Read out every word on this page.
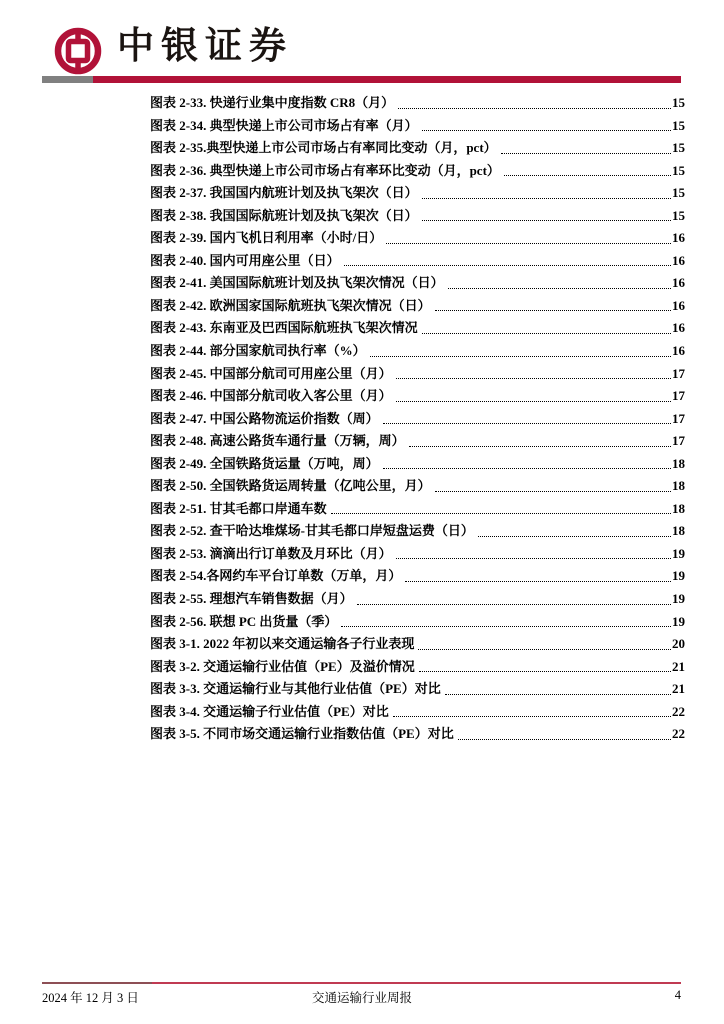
中银证券
图表 2-33. 快递行业集中度指数 CR8（月）	15
图表 2-34. 典型快递上市公司市场占有率（月）	15
图表 2-35.典型快递上市公司市场占有率同比变动（月，pct）	15
图表 2-36. 典型快递上市公司市场占有率环比变动（月，pct）	15
图表 2-37. 我国国内航班计划及执飞架次（日）	15
图表 2-38. 我国国际航班计划及执飞架次（日）	15
图表 2-39. 国内飞机日利用率（小时/日）	16
图表 2-40. 国内可用座公里（日）	16
图表 2-41. 美国国际航班计划及执飞架次情况（日）	16
图表 2-42. 欧洲国家国际航班执飞架次情况（日）	16
图表 2-43. 东南亚及巴西国际航班执飞架次情况	16
图表 2-44. 部分国家航司执行率（%）	16
图表 2-45. 中国部分航司可用座公里（月）	17
图表 2-46. 中国部分航司收入客公里（月）	17
图表 2-47. 中国公路物流运价指数（周）	17
图表 2-48. 高速公路货车通行量（万辆，周）	17
图表 2-49. 全国铁路货运量（万吨，周）	18
图表 2-50. 全国铁路货运周转量（亿吨公里，月）	18
图表 2-51. 甘其毛都口岸通车数	18
图表 2-52. 查干哈达堆煤场-甘其毛都口岸短盘运费（日）	18
图表 2-53. 滴滴出行订单数及月环比（月）	19
图表 2-54.各网约车平台订单数（万单，月）	19
图表 2-55. 理想汽车销售数据（月）	19
图表 2-56. 联想 PC 出货量（季）	19
图表 3-1. 2022 年初以来交通运输各子行业表现	20
图表 3-2. 交通运输行业估值（PE）及溢价情况	21
图表 3-3. 交通运输行业与其他行业估值（PE）对比	21
图表 3-4. 交通运输子行业估值（PE）对比	22
图表 3-5. 不同市场交通运输行业指数估值（PE）对比	22
2024 年 12 月 3 日	交通运输行业周报	4
